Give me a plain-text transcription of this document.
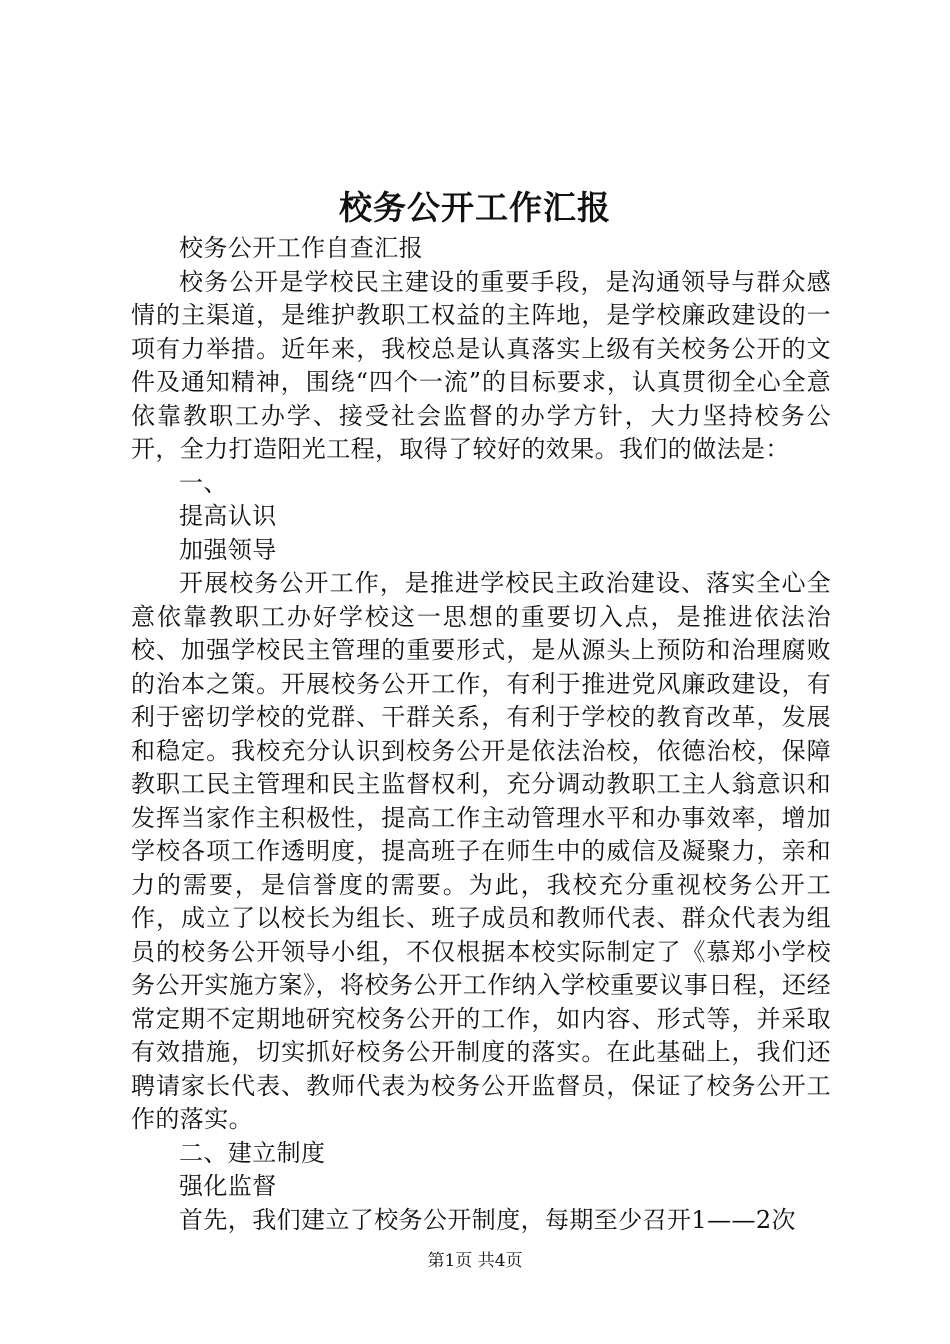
校务公开工作汇报

校务公开工作自查汇报

校务公开是学校民主建设的重要手段，是沟通领导与群众感情的主渠道，是维护教职工权益的主阵地，是学校廉政建设的一项有力举措。近年来，我校总是认真落实上级有关校务公开的文件及通知精神，围绕“四个一流”的目标要求，认真贯彻全心全意依靠教职工办学、接受社会监督的办学方针，大力坚持校务公开，全力打造阳光工程，取得了较好的效果。我们的做法是：

一、

提高认识

加强领导

开展校务公开工作，是推进学校民主政治建设、落实全心全意依靠教职工办好学校这一思想的重要切入点，是推进依法治校、加强学校民主管理的重要形式，是从源头上预防和治理腐败的治本之策。开展校务公开工作，有利于推进党风廉政建设，有利于密切学校的党群、干群关系，有利于学校的教育改革，发展和稳定。我校充分认识到校务公开是依法治校，依德治校，保障教职工民主管理和民主监督权利，充分调动教职工主人翁意识和发挥当家作主积极性，提高工作主动管理水平和办事效率，增加学校各项工作透明度，提高班子在师生中的威信及凝聚力，亲和力的需要，是信誉度的需要。为此，我校充分重视校务公开工作，成立了以校长为组长、班子成员和教师代表、群众代表为组员的校务公开领导小组，不仅根据本校实际制定了《慕郑小学校务公开实施方案》，将校务公开工作纳入学校重要议事日程，还经常定期不定期地研究校务公开的工作，如内容、形式等，并采取有效措施，切实抓好校务公开制度的落实。在此基础上，我们还聘请家长代表、教师代表为校务公开监督员，保证了校务公开工作的落实。

二、建立制度

强化监督

首先，我们建立了校务公开制度，每期至少召开1——2次

第1页 共4页
